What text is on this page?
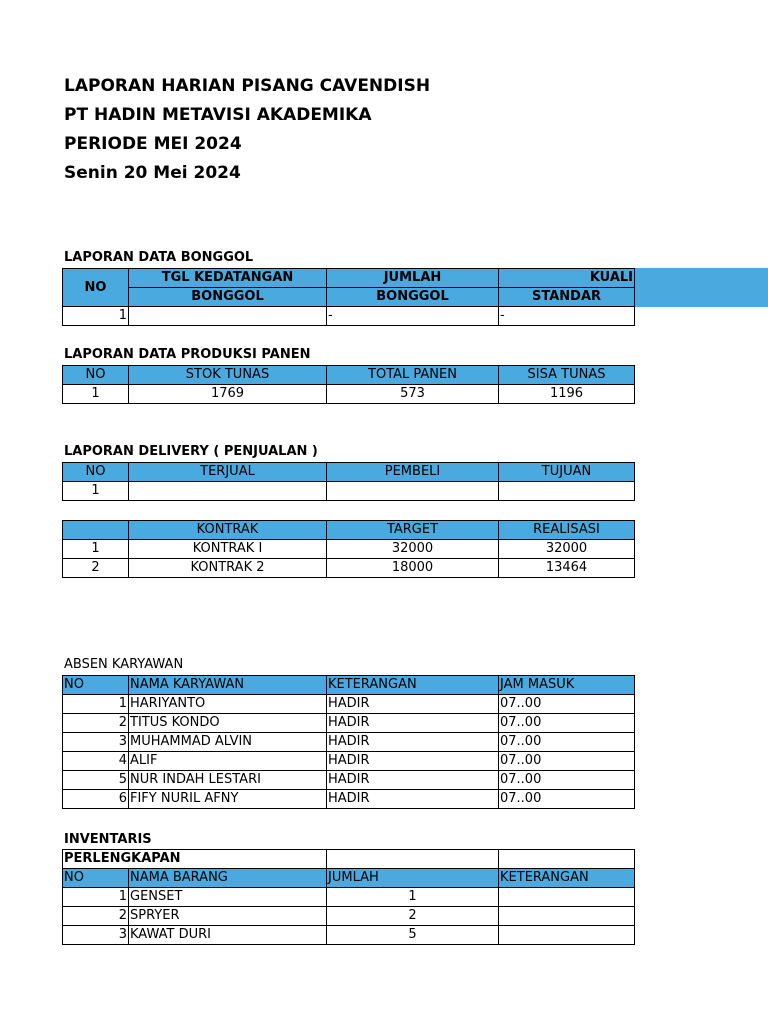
LAPORAN HARIAN PISANG CAVENDISH
PT HADIN METAVISI AKADEMIKA
PERIODE MEI 2024
Senin 20 Mei 2024
LAPORAN DATA BONGGOL
NO	TGL KEDATANGAN	JUMLAH	KUALI
	BONGGOL	BONGGOL	STANDAR
1		-	-
LAPORAN DATA PRODUKSI PANEN
NO	STOK TUNAS	TOTAL PANEN	SISA TUNAS
1	1769	573	1196
LAPORAN DELIVERY ( PENJUALAN )
NO	TERJUAL	PEMBELI	TUJUAN
1			
	KONTRAK	TARGET	REALISASI
1	KONTRAK I	32000	32000
2	KONTRAK 2	18000	13464
ABSEN KARYAWAN
NO	NAMA KARYAWAN	KETERANGAN	JAM MASUK
1	HARIYANTO	HADIR	07..00
2	TITUS KONDO	HADIR	07..00
3	MUHAMMAD ALVIN	HADIR	07..00
4	ALIF	HADIR	07..00
5	NUR INDAH LESTARI	HADIR	07..00
6	FIFY NURIL AFNY	HADIR	07..00
INVENTARIS
PERLENGKAPAN			
NO	NAMA BARANG	JUMLAH	KETERANGAN
1	GENSET	1	
2	SPRYER	2	
3	KAWAT DURI	5	
